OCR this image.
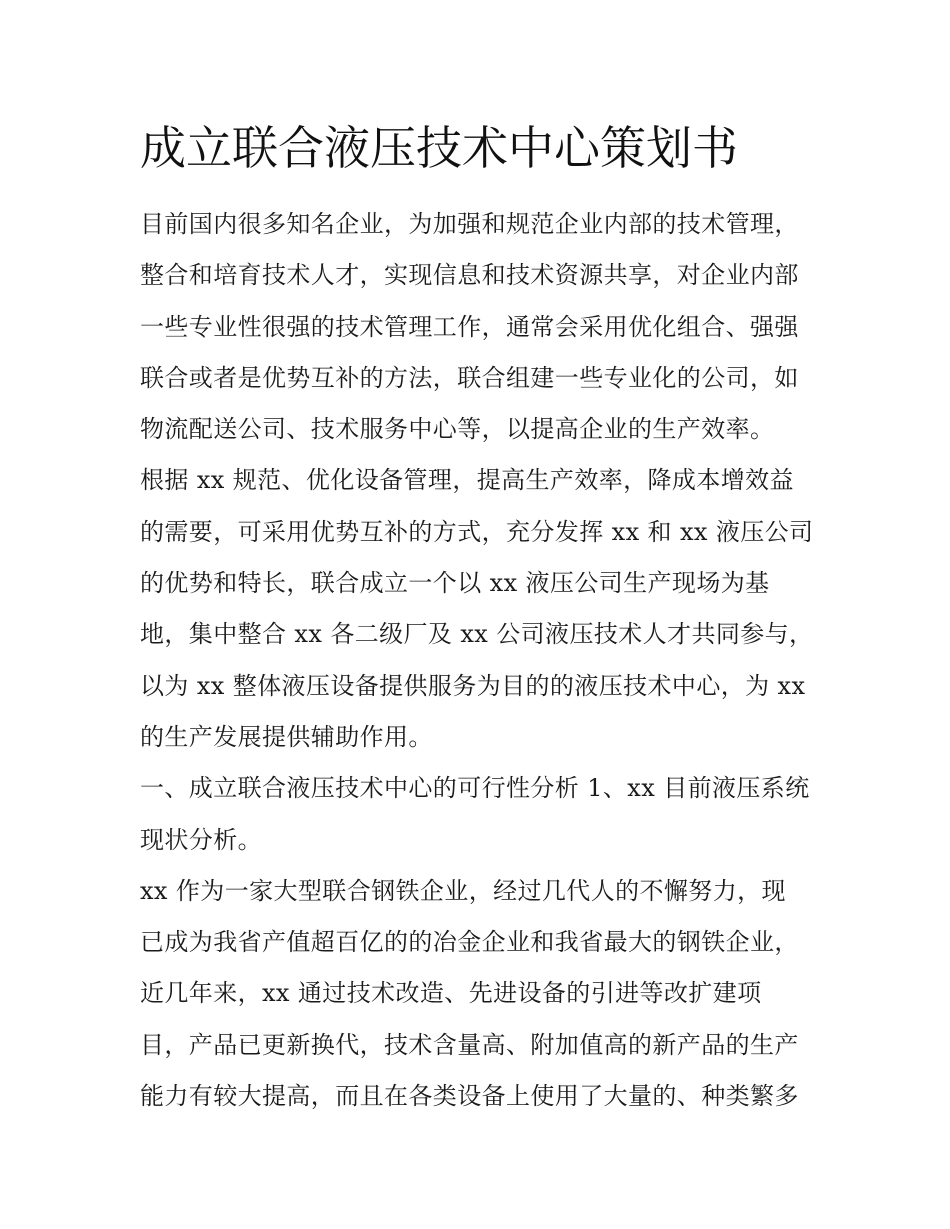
成立联合液压技术中心策划书
目前国内很多知名企业，为加强和规范企业内部的技术管理，
整合和培育技术人才，实现信息和技术资源共享，对企业内部
一些专业性很强的技术管理工作，通常会采用优化组合、强强
联合或者是优势互补的方法，联合组建一些专业化的公司，如
物流配送公司、技术服务中心等，以提高企业的生产效率。
根据 xx 规范、优化设备管理，提高生产效率，降成本增效益
的需要，可采用优势互补的方式，充分发挥 xx 和 xx 液压公司
的优势和特长，联合成立一个以 xx 液压公司生产现场为基
地，集中整合 xx 各二级厂及 xx 公司液压技术人才共同参与，
以为 xx 整体液压设备提供服务为目的的液压技术中心，为 xx
的生产发展提供辅助作用。
一、成立联合液压技术中心的可行性分析 1、xx 目前液压系统
现状分析。
xx 作为一家大型联合钢铁企业，经过几代人的不懈努力，现
已成为我省产值超百亿的的冶金企业和我省最大的钢铁企业，
近几年来，xx 通过技术改造、先进设备的引进等改扩建项
目，产品已更新换代，技术含量高、附加值高的新产品的生产
能力有较大提高，而且在各类设备上使用了大量的、种类繁多
